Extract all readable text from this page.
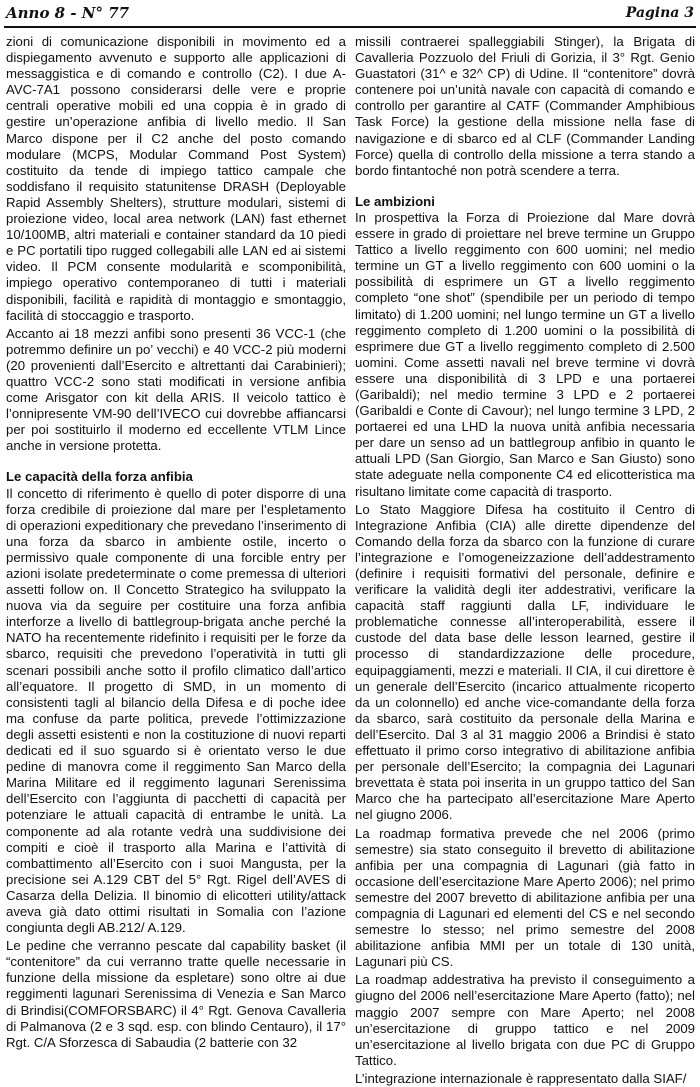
Anno 8 - N° 77	Pagina 3

zioni di comunicazione disponibili in movimento ed a dispiegamento avvenuto e supporto alle applicazioni di messaggistica e di comando e controllo (C2). I due A-AVC-7A1 possono considerarsi delle vere e proprie centrali operative mobili ed una coppia è in grado di gestire un’operazione anfibia di livello medio. Il San Marco dispone per il C2 anche del posto comando modulare (MCPS, Modular Command Post System) costituito da tende di impiego tattico campale che soddisfano il requisito statunitense DRASH (Deployable Rapid Assembly Shelters), strutture modulari, sistemi di proiezione video, local area network (LAN) fast ethernet 10/100MB, altri materiali e container standard da 10 piedi e PC portatili tipo rugged collegabili alle LAN ed ai sistemi video. Il PCM consente modularità e scomponibilità, impiego operativo contemporaneo di tutti i materiali disponibili, facilità e rapidità di montaggio e smontaggio, facilità di stoccaggio e trasporto.

Accanto ai 18 mezzi anfibi sono presenti 36 VCC-1 (che potremmo definire un po’ vecchi) e 40 VCC-2 più moderni (20 provenienti dall’Esercito e altrettanti dai Carabinieri); quattro VCC-2 sono stati modificati in versione anfibia come Arisgator con kit della ARIS. Il veicolo tattico è l’onnipresente VM-90 dell’IVECO cui dovrebbe affiancarsi per poi sostituirlo il moderno ed eccellente VTLM Lince anche in versione protetta.

Le capacità della forza anfibia

Il concetto di riferimento è quello di poter disporre di una forza credibile di proiezione dal mare per l’espletamento di operazioni expeditionary che prevedano l’inserimento di una forza da sbarco in ambiente ostile, incerto o permissivo quale componente di una forcible entry per azioni isolate predeterminate o come premessa di ulteriori assetti follow on. Il Concetto Strategico ha sviluppato la nuova via da seguire per costituire una forza anfibia interforze a livello di battlegroup-brigata anche perché la NATO ha recentemente ridefinito i requisiti per le forze da sbarco, requisiti che prevedono l’operatività in tutti gli scenari possibili anche sotto il profilo climatico dall’artico all’equatore. Il progetto di SMD, in un momento di consistenti tagli al bilancio della Difesa e di poche idee ma confuse da parte politica, prevede l’ottimizzazione degli assetti esistenti e non la costituzione di nuovi reparti dedicati ed il suo sguardo si è orientato verso le due pedine di manovra come il reggimento San Marco della Marina Militare ed il reggimento lagunari Serenissima dell’Esercito con l’aggiunta di pacchetti di capacità per potenziare le attuali capacità di entrambe le unità. La componente ad ala rotante vedrà una suddivisione dei compiti e cioè il trasporto alla Marina e l’attività di combattimento all’Esercito con i suoi Mangusta, per la precisione sei A.129 CBT del 5° Rgt. Rigel dell’AVES di Casarza della Delizia. Il binomio di elicotteri utility/attack aveva già dato ottimi risultati in Somalia con l’azione congiunta degli AB.212/ A.129.

Le pedine che verranno pescate dal capability basket (il “contenitore” da cui verranno tratte quelle necessarie in funzione della missione da espletare) sono oltre ai due reggimenti lagunari Serenissima di Venezia e San Marco di Brindisi(COMFORSBARC) il 4° Rgt. Genova Cavalleria di Palmanova (2 e 3 sqd. esp. con blindo Centauro), il 17° Rgt. C/A Sforzesca di Sabaudia (2 batterie con 32

missili contraerei spalleggiabili Stinger), la Brigata di Cavalleria Pozzuolo del Friuli di Gorizia, il 3° Rgt. Genio Guastatori (31^ e 32^ CP) di Udine. Il “contenitore” dovrà contenere poi un’unità navale con capacità di comando e controllo per garantire al CATF (Commander Amphibious Task Force) la gestione della missione nella fase di navigazione e di sbarco ed al CLF (Commander Landing Force) quella di controllo della missione a terra stando a bordo fintantoché non potrà scendere a terra.

Le ambizioni

In prospettiva la Forza di Proiezione dal Mare dovrà essere in grado di proiettare nel breve termine un Gruppo Tattico a livello reggimento con 600 uomini; nel medio termine un GT a livello reggimento con 600 uomini o la possibilità di esprimere un GT a livello reggimento completo “one shot” (spendibile per un periodo di tempo limitato) di 1.200 uomini; nel lungo termine un GT a livello reggimento completo di 1.200 uomini o la possibilità di esprimere due GT a livello reggimento completo di 2.500 uomini. Come assetti navali nel breve termine vi dovrà essere una disponibilità di 3 LPD e una portaerei (Garibaldi); nel medio termine 3 LPD e 2 portaerei (Garibaldi e Conte di Cavour); nel lungo termine 3 LPD, 2 portaerei ed una LHD la nuova unità anfibia necessaria per dare un senso ad un battlegroup anfibio in quanto le attuali LPD (San Giorgio, San Marco e San Giusto) sono state adeguate nella componente C4 ed elicotteristica ma risultano limitate come capacità di trasporto.

Lo Stato Maggiore Difesa ha costituito il Centro di Integrazione Anfibia (CIA) alle dirette dipendenze del Comando della forza da sbarco con la funzione di curare l’integrazione e l’omogeneizzazione dell’addestramento (definire i requisiti formativi del personale, definire e verificare la validità degli iter addestrativi, verificare la capacità staff raggiunti dalla LF, individuare le problematiche connesse all’interoperabilità, essere il custode del data base delle lesson learned, gestire il processo di standardizzazione delle procedure, equipaggiamenti, mezzi e materiali. Il CIA, il cui direttore è un generale dell’Esercito (incarico attualmente ricoperto da un colonnello) ed anche vice-comandante della forza da sbarco, sarà costituito da personale della Marina e dell’Esercito. Dal 3 al 31 maggio 2006 a Brindisi è stato effettuato il primo corso integrativo di abilitazione anfibia per personale dell’Esercito; la compagnia dei Lagunari brevettata è stata poi inserita in un gruppo tattico del San Marco che ha partecipato all’esercitazione Mare Aperto nel giugno 2006.

La roadmap formativa prevede che nel 2006 (primo semestre) sia stato conseguito il brevetto di abilitazione anfibia per una compagnia di Lagunari (già fatto in occasione dell’esercitazione Mare Aperto 2006); nel primo semestre del 2007 brevetto di abilitazione anfibia per una compagnia di Lagunari ed elementi del CS e nel secondo semestre lo stesso; nel primo semestre del 2008 abilitazione anfibia MMI per un totale di 130 unità, Lagunari più CS.

La roadmap addestrativa ha previsto il conseguimento a giugno del 2006 nell’esercitazione Mare Aperto (fatto); nel maggio 2007 sempre con Mare Aperto; nel 2008 un’esercitazione di gruppo tattico e nel 2009 un’esercitazione al livello brigata con due PC di Gruppo Tattico.

L’integrazione internazionale è rappresentato dalla SIAF/
